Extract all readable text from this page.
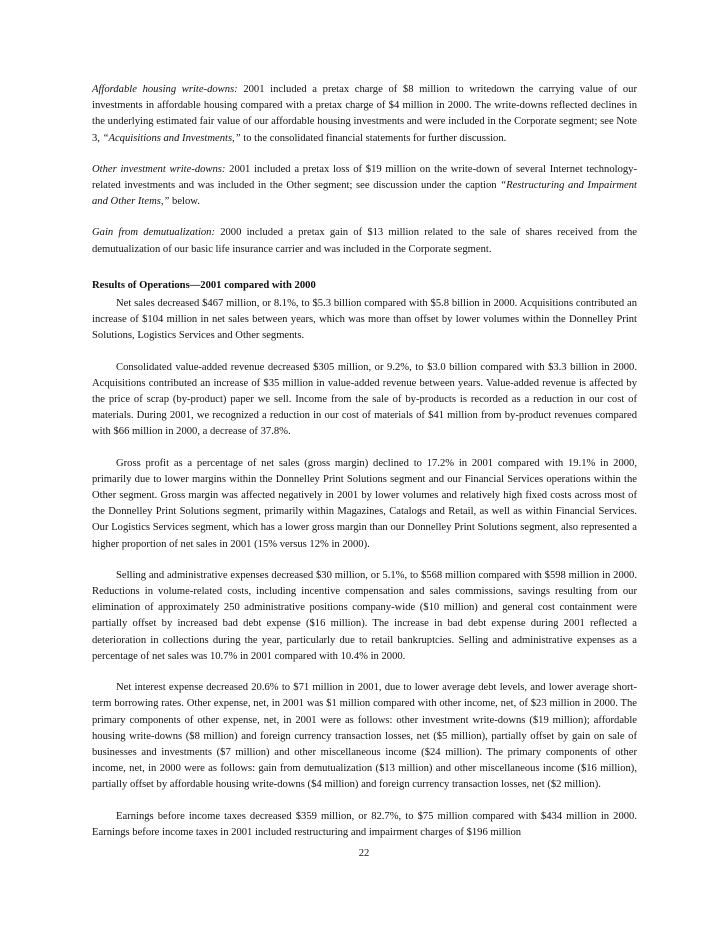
Affordable housing write-downs: 2001 included a pretax charge of $8 million to writedown the carrying value of our investments in affordable housing compared with a pretax charge of $4 million in 2000. The write-downs reflected declines in the underlying estimated fair value of our affordable housing investments and were included in the Corporate segment; see Note 3, “Acquisitions and Investments,” to the consolidated financial statements for further discussion.

Other investment write-downs: 2001 included a pretax loss of $19 million on the write-down of several Internet technology-related investments and was included in the Other segment; see discussion under the caption “Restructuring and Impairment and Other Items,” below.

Gain from demutualization: 2000 included a pretax gain of $13 million related to the sale of shares received from the demutualization of our basic life insurance carrier and was included in the Corporate segment.

Results of Operations—2001 compared with 2000

Net sales decreased $467 million, or 8.1%, to $5.3 billion compared with $5.8 billion in 2000. Acquisitions contributed an increase of $104 million in net sales between years, which was more than offset by lower volumes within the Donnelley Print Solutions, Logistics Services and Other segments.

Consolidated value-added revenue decreased $305 million, or 9.2%, to $3.0 billion compared with $3.3 billion in 2000. Acquisitions contributed an increase of $35 million in value-added revenue between years. Value-added revenue is affected by the price of scrap (by-product) paper we sell. Income from the sale of by-products is recorded as a reduction in our cost of materials. During 2001, we recognized a reduction in our cost of materials of $41 million from by-product revenues compared with $66 million in 2000, a decrease of 37.8%.

Gross profit as a percentage of net sales (gross margin) declined to 17.2% in 2001 compared with 19.1% in 2000, primarily due to lower margins within the Donnelley Print Solutions segment and our Financial Services operations within the Other segment. Gross margin was affected negatively in 2001 by lower volumes and relatively high fixed costs across most of the Donnelley Print Solutions segment, primarily within Magazines, Catalogs and Retail, as well as within Financial Services. Our Logistics Services segment, which has a lower gross margin than our Donnelley Print Solutions segment, also represented a higher proportion of net sales in 2001 (15% versus 12% in 2000).

Selling and administrative expenses decreased $30 million, or 5.1%, to $568 million compared with $598 million in 2000. Reductions in volume-related costs, including incentive compensation and sales commissions, savings resulting from our elimination of approximately 250 administrative positions company-wide ($10 million) and general cost containment were partially offset by increased bad debt expense ($16 million). The increase in bad debt expense during 2001 reflected a deterioration in collections during the year, particularly due to retail bankruptcies. Selling and administrative expenses as a percentage of net sales was 10.7% in 2001 compared with 10.4% in 2000.

Net interest expense decreased 20.6% to $71 million in 2001, due to lower average debt levels, and lower average short-term borrowing rates. Other expense, net, in 2001 was $1 million compared with other income, net, of $23 million in 2000. The primary components of other expense, net, in 2001 were as follows: other investment write-downs ($19 million); affordable housing write-downs ($8 million) and foreign currency transaction losses, net ($5 million), partially offset by gain on sale of businesses and investments ($7 million) and other miscellaneous income ($24 million). The primary components of other income, net, in 2000 were as follows: gain from demutualization ($13 million) and other miscellaneous income ($16 million), partially offset by affordable housing write-downs ($4 million) and foreign currency transaction losses, net ($2 million).

Earnings before income taxes decreased $359 million, or 82.7%, to $75 million compared with $434 million in 2000. Earnings before income taxes in 2001 included restructuring and impairment charges of $196 million

22
